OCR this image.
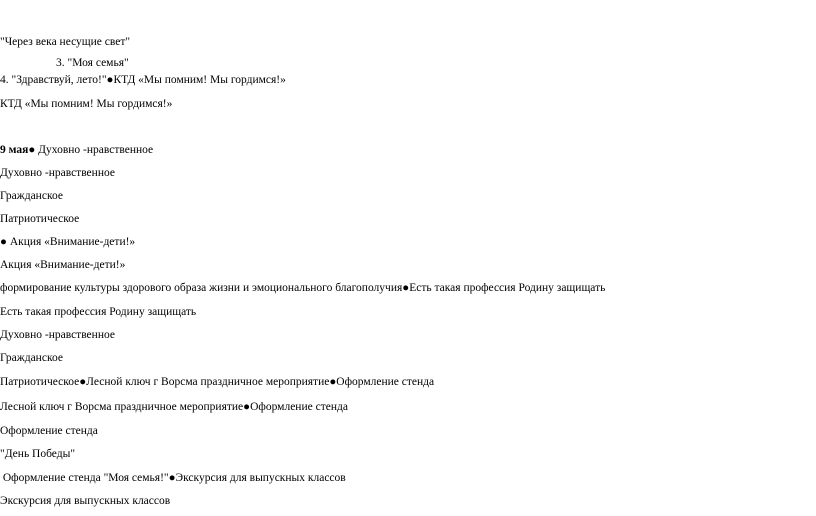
"Через века несущие свет"
3. "Моя семья"
4. "Здравствуй, лето!"●КТД «Мы помним! Мы гордимся!»
КТД «Мы помним! Мы гордимся!»
9 мая● Духовно -нравственное
Духовно -нравственное
Гражданское
Патриотическое
● Акция «Внимание-дети!»
Акция «Внимание-дети!»
формирование культуры здорового образа жизни и эмоционального благополучия●Есть такая профессия Родину защищать
Есть такая профессия Родину защищать
Духовно -нравственное
Гражданское
Патриотическое●Лесной ключ г Ворсма праздничное мероприятие●Оформление стенда
Лесной ключ г Ворсма праздничное мероприятие●Оформление стенда
Оформление стенда
"День Победы"
Оформление стенда "Моя семья!"●Экскурсия для выпускных классов
Экскурсия для выпускных классов
